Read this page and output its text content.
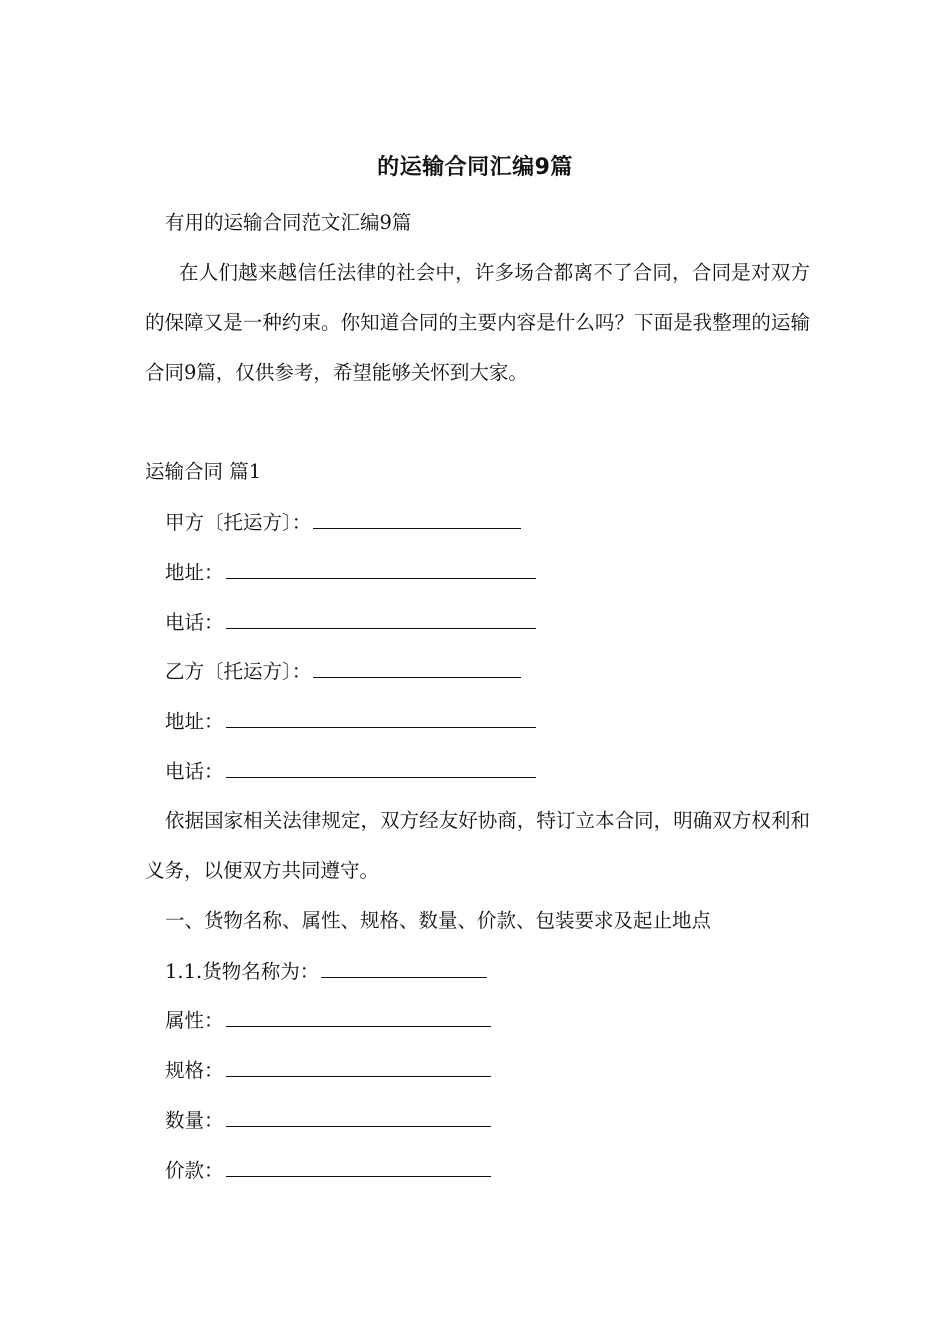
的运输合同汇编9篇
有用的运输合同范文汇编9篇
在人们越来越信任法律的社会中，许多场合都离不了合同，合同是对双方的保障又是一种约束。你知道合同的主要内容是什么吗？下面是我整理的运输合同9篇，仅供参考，希望能够关怀到大家。
运输合同 篇1
甲方〔托运方〕：
地址：
电话：
乙方〔托运方〕：
地址：
电话：
依据国家相关法律规定，双方经友好协商，特订立本合同，明确双方权利和义务，以便双方共同遵守。
一、货物名称、属性、规格、数量、价款、包装要求及起止地点
1.1.货物名称为：
属性：
规格：
数量：
价款：
